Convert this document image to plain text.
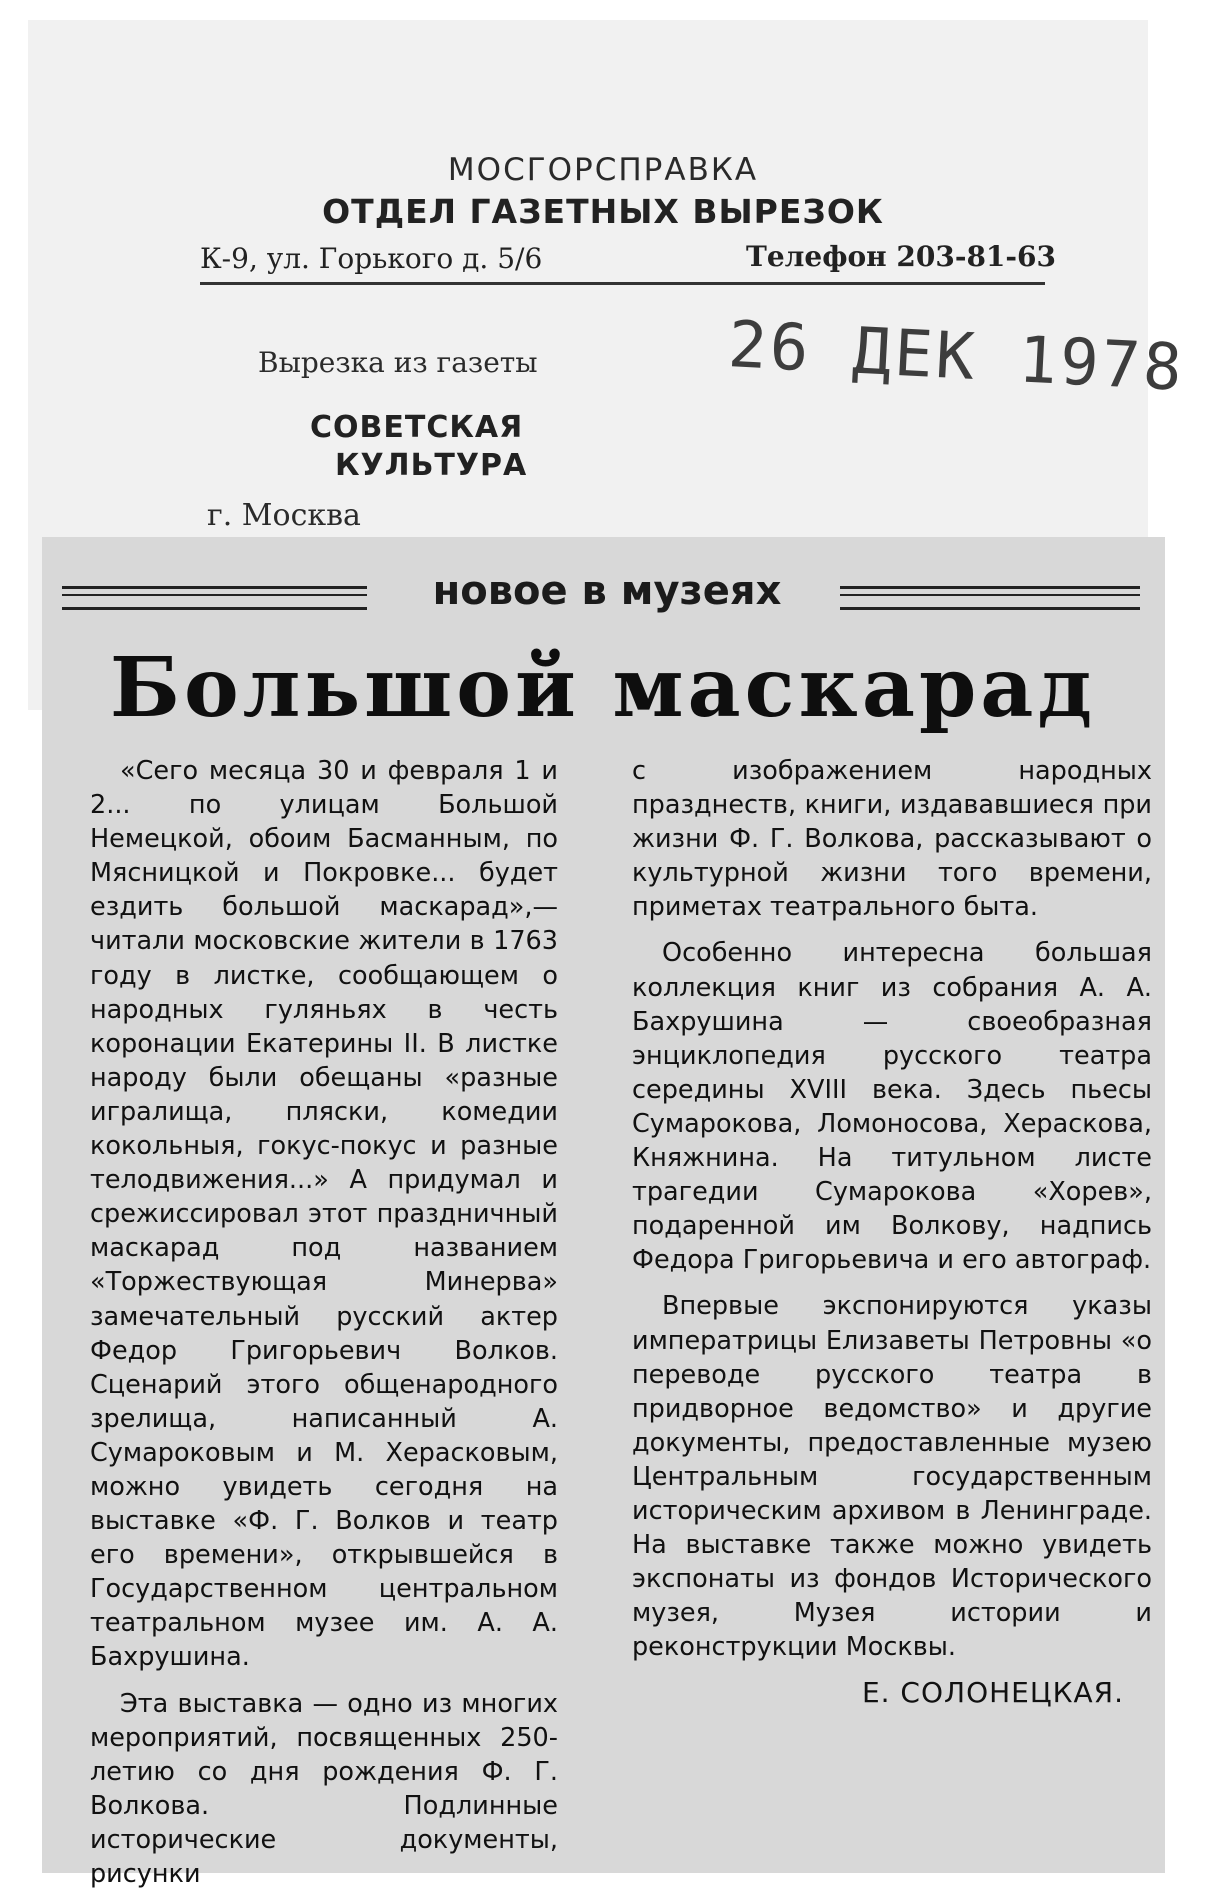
МОСГОРСПРАВКА
ОТДЕЛ ГАЗЕТНЫХ ВЫРЕЗОК
К-9, ул. Горького д. 5/6	Телефон 203-81-63
Вырезка из газеты
СОВЕТСКАЯ
КУЛЬТУРА
г. Москва
26 ДЕК 1978
новое в музеях
Большой маскарад

«Сего месяца 30 и февраля 1 и 2... по улицам Большой Немецкой, обоим Басманным, по Мясницкой и Покровке... будет ездить большой маскарад»,— читали московские жители в 1763 году в листке, сообщающем о народных гуляньях в честь коронации Екатерины II. В листке народу были обещаны «разные игралища, пляски, комедии кокольныя, гокус-покус и разные телодвижения...» А придумал и срежиссировал этот праздничный маскарад под названием «Торжествующая Минерва» замечательный русский актер Федор Григорьевич Волков. Сценарий этого общенародного зрелища, написанный А. Сумароковым и М. Херасковым, можно увидеть сегодня на выставке «Ф. Г. Волков и театр его времени», открывшейся в Государственном центральном театральном музее им. А. А. Бахрушина.

Эта выставка — одно из многих мероприятий, посвященных 250-летию со дня рождения Ф. Г. Волкова. Подлинные исторические документы, рисунки

с изображением народных празднеств, книги, издававшиеся при жизни Ф. Г. Волкова, рассказывают о культурной жизни того времени, приметах театрального быта.

Особенно интересна большая коллекция книг из собрания А. А. Бахрушина — своеобразная энциклопедия русского театра середины XVIII века. Здесь пьесы Сумарокова, Ломоносова, Хераскова, Княжнина. На титульном листе трагедии Сумарокова «Хорев», подаренной им Волкову, надпись Федора Григорьевича и его автограф.

Впервые экспонируются указы императрицы Елизаветы Петровны «о переводе русского театра в придворное ведомство» и другие документы, предоставленные музею Центральным государственным историческим архивом в Ленинграде. На выставке также можно увидеть экспонаты из фондов Исторического музея, Музея истории и реконструкции Москвы.

Е. СОЛОНЕЦКАЯ.
